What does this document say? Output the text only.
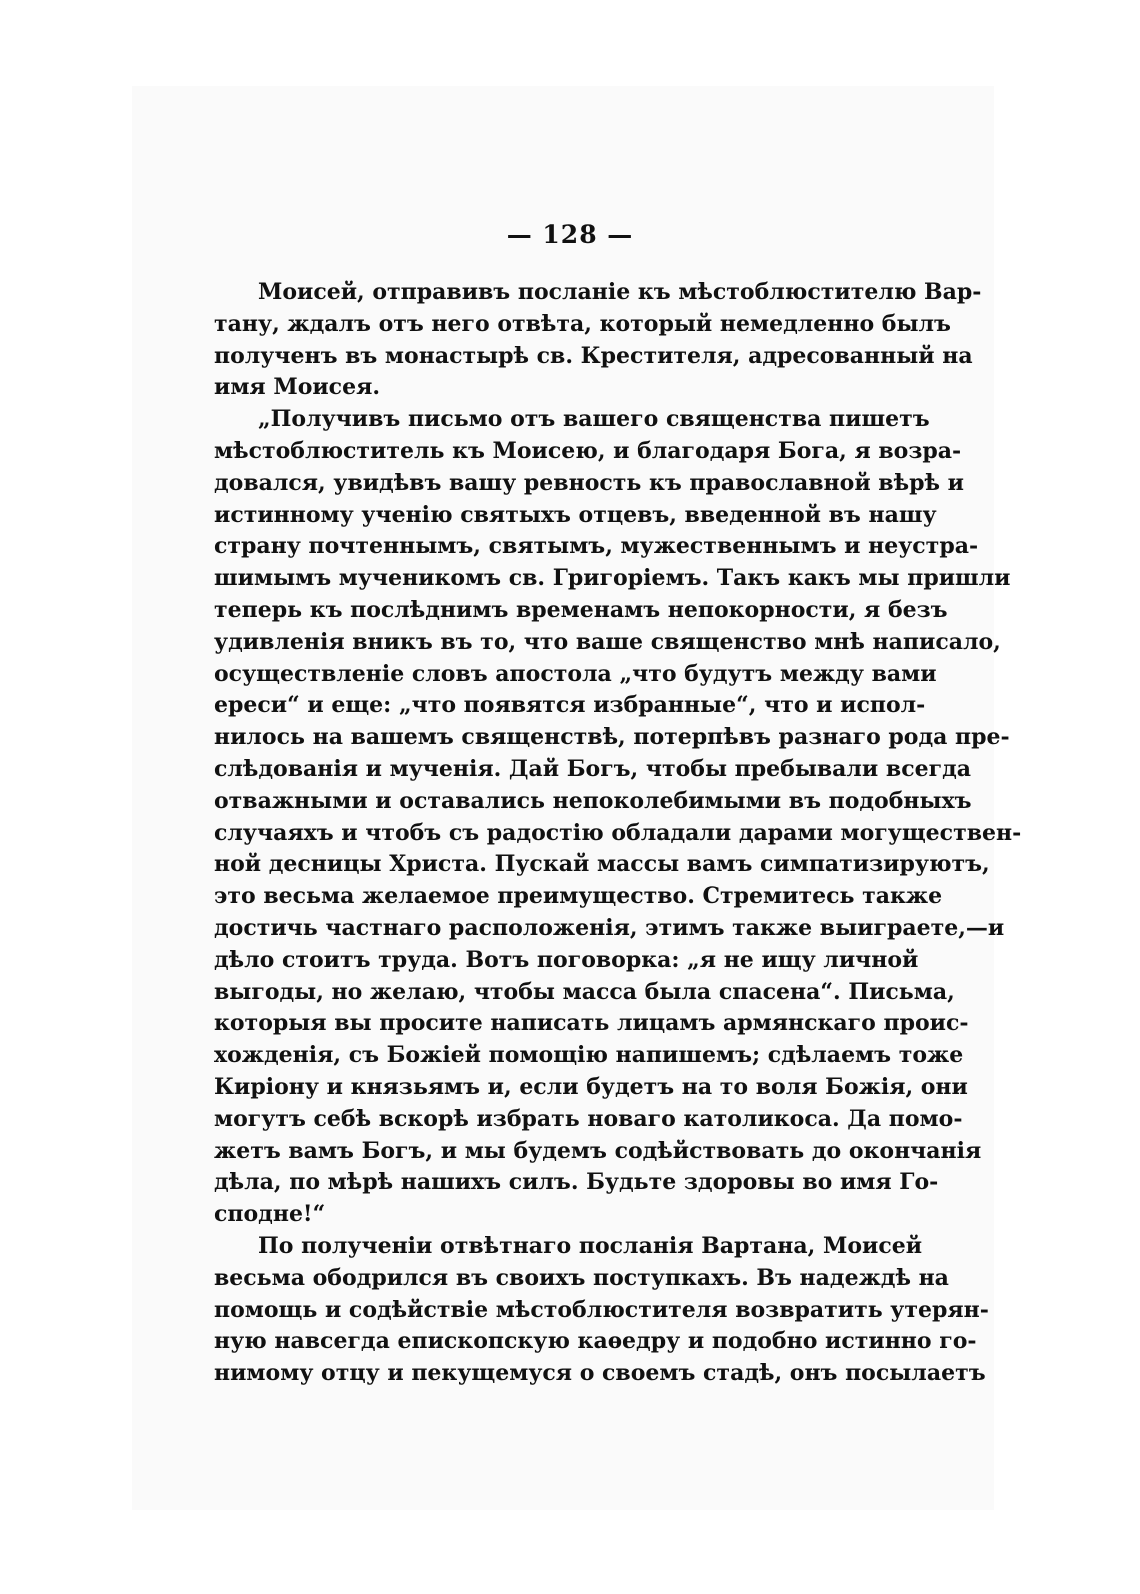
— 128 —
Моисей, отправивъ посланіе къ мѣстоблюстителю Вар-
тану, ждалъ отъ него отвѣта, который немедленно былъ
полученъ въ монастырѣ св. Крестителя, адресованный на
имя Моисея.
„Получивъ письмо отъ вашего священства пишетъ
мѣстоблюститель къ Моисею, и благодаря Бога, я возра-
довался, увидѣвъ вашу ревность къ православной вѣрѣ и
истинному ученію святыхъ отцевъ, введенной въ нашу
страну почтеннымъ, святымъ, мужественнымъ и неустра-
шимымъ мученикомъ св. Григоріемъ. Такъ какъ мы пришли
теперь къ послѣднимъ временамъ непокорности, я безъ
удивленія вникъ въ то, что ваше священство мнѣ написало,
осуществленіе словъ апостола „что будутъ между вами
ереси“ и еще: „что появятся избранные“, что и испол-
нилось на вашемъ священствѣ, потерпѣвъ разнаго рода пре-
слѣдованія и мученія. Дай Богъ, чтобы пребывали всегда
отважными и оставались непоколебимыми въ подобныхъ
случаяхъ и чтобъ съ радостію обладали дарами могуществен-
ной десницы Христа. Пускай массы вамъ симпатизируютъ,
это весьма желаемое преимущество. Стремитесь также
достичь частнаго расположенія, этимъ также выиграете,—и
дѣло стоитъ труда. Вотъ поговорка: „я не ищу личной
выгоды, но желаю, чтобы масса была спасена“. Письма,
которыя вы просите написать лицамъ армянскаго проис-
хожденія, съ Божіей помощію напишемъ; сдѣлаемъ тоже
Киріону и князьямъ и, если будетъ на то воля Божія, они
могутъ себѣ вскорѣ избрать новаго католикоса. Да помо-
жетъ вамъ Богъ, и мы будемъ содѣйствовать до окончанія
дѣла, по мѣрѣ нашихъ силъ. Будьте здоровы во имя Го-
сподне!“
По полученіи отвѣтнаго посланія Вартана, Моисей
весьма ободрился въ своихъ поступкахъ. Въ надеждѣ на
помощь и содѣйствіе мѣстоблюстителя возвратить утерян-
ную навсегда епископскую каѳедру и подобно истинно го-
нимому отцу и пекущемуся о своемъ стадѣ, онъ посылаетъ
